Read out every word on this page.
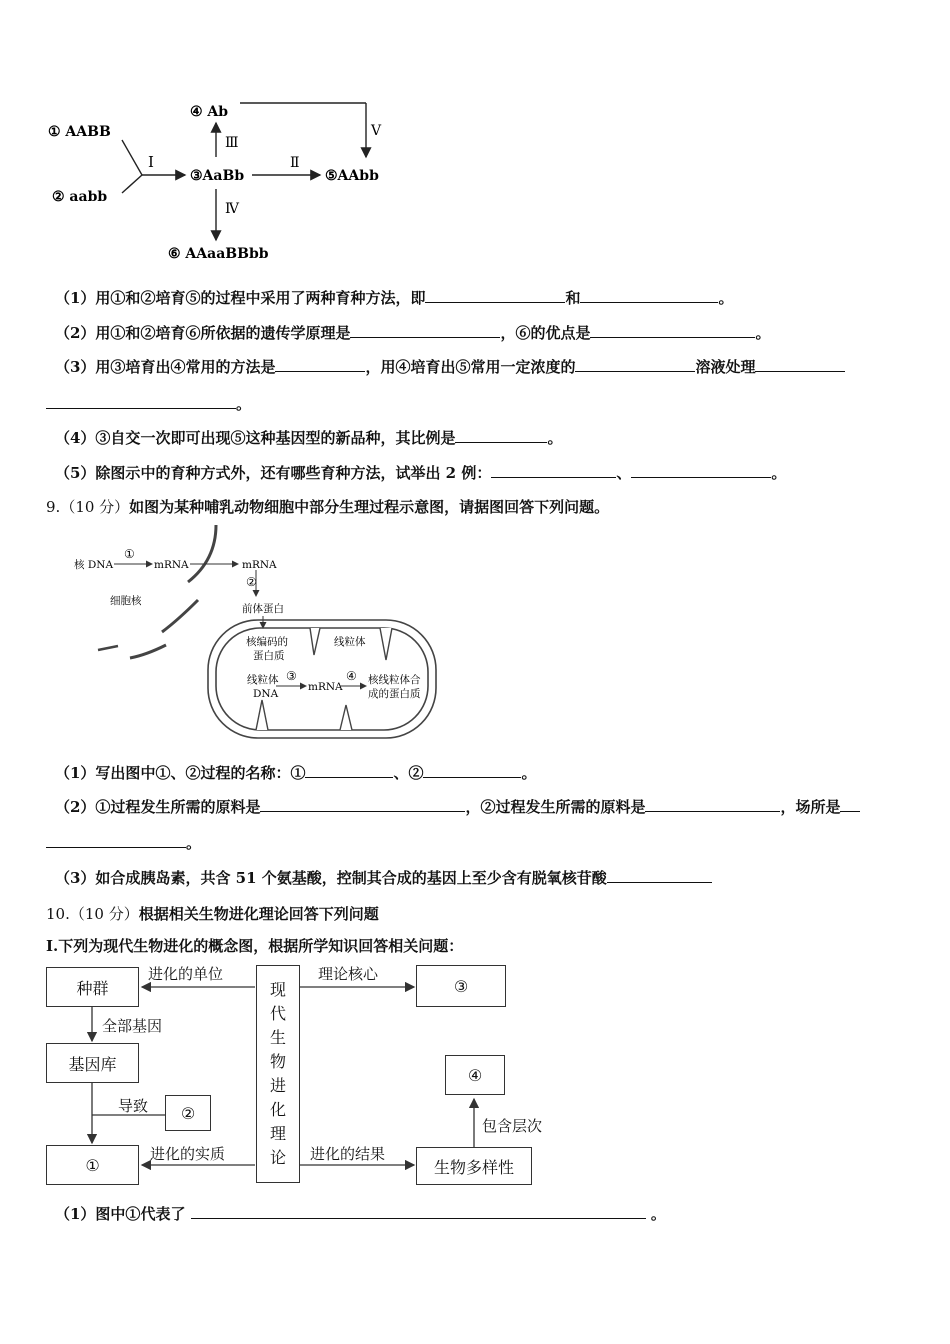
① AABB
② aabb
Ⅰ
③AaBb
④ Ab
Ⅲ
Ⅴ
Ⅱ
⑤AAbb
Ⅳ
⑥ AAaaBBbb
（1）用①和②培育⑤的过程中采用了两种育种方法，即	和	。
（2）用①和②培育⑥所依据的遗传学原理是	，⑥的优点是	。
（3）用③培育出④常用的方法是	，用④培育出⑤常用一定浓度的	溶液处理
。
（4）③自交一次即可出现⑤这种基因型的新品种，其比例是	。
（5）除图示中的育种方式外，还有哪些育种方法，试举出 2 例：	、	。
9.（10 分）如图为某种哺乳动物细胞中部分生理过程示意图，请据图回答下列问题。
核 DNA
①
mRNA	mRNA
②
细胞核
前体蛋白
线粒体
核编码的
蛋白质
线粒体
DNA
③
mRNA
④ 核线粒体合
成的蛋白质
（1）写出图中①、②过程的名称：①	、②	。
（2）①过程发生所需的原料是	，②过程发生所需的原料是	，场所是
。
（3）如合成胰岛素，共含 51 个氨基酸，控制其合成的基因上至少含有脱氧核苷酸
10.（10 分）根据相关生物进化理论回答下列问题
I.下列为现代生物进化的概念图，根据所学知识回答相关问题：
种群
基因库
②
①
③
④
生物多样性
现
代
生
物
进
化
理
论
进化的单位
全部基因
导致
进化的实质
理论核心
进化的结果
包含层次
（1）图中①代表了	。
